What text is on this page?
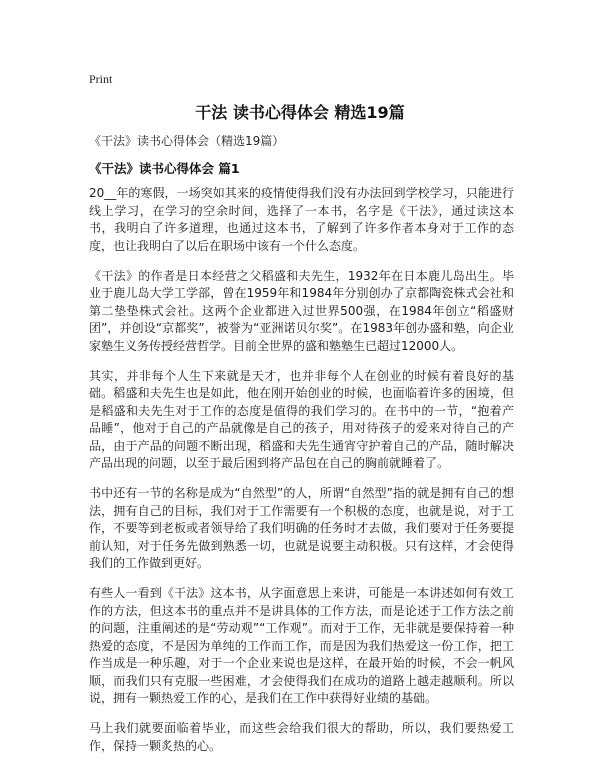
Print
干法 读书心得体会 精选19篇
《干法》读书心得体会（精选19篇）
《干法》读书心得体会 篇1

20__年的寒假，一场突如其来的疫情使得我们没有办法回到学校学习，只能进行线上学习，在学习的空余时间，选择了一本书，名字是《干法》，通过读这本书，我明白了许多道理，也通过这本书，了解到了许多作者本身对于工作的态度，也让我明白了以后在职场中该有一个什么态度。

《干法》的作者是日本经营之父稻盛和夫先生，1932年在日本鹿儿岛出生。毕业于鹿儿岛大学工学部，曾在1959年和1984年分别创办了京都陶瓷株式会社和第二垫垫株式会社。这两个企业都进入过世界500强，在1984年创立“稻盛财团”，并创设“京都奖”，被誉为“亚洲诺贝尔奖”。在1983年创办盛和塾，向企业家塾生义务传授经营哲学。目前全世界的盛和塾塾生已超过12000人。

其实，并非每个人生下来就是天才，也并非每个人在创业的时候有着良好的基础。稻盛和夫先生也是如此，他在刚开始创业的时候，也面临着许多的困境，但是稻盛和夫先生对于工作的态度是值得的我们学习的。在书中的一节，“抱着产品睡”，他对于自己的产品就像是自己的孩子，用对待孩子的爱来对待自己的产品，由于产品的问题不断出现，稻盛和夫先生通宵守护着自己的产品，随时解决产品出现的问题，以至于最后困到将产品包在自己的胸前就睡着了。

书中还有一节的名称是成为“自然型”的人，所谓“自然型”指的就是拥有自己的想法，拥有自己的目标，我们对于工作需要有一个积极的态度，也就是说，对于工作，不要等到老板或者领导给了我们明确的任务时才去做，我们要对于任务要提前认知，对于任务先做到熟悉一切，也就是说要主动积极。只有这样，才会使得我们的工作做到更好。

有些人一看到《干法》这本书，从字面意思上来讲，可能是一本讲述如何有效工作的方法，但这本书的重点并不是讲具体的工作方法，而是论述于工作方法之前的问题，注重阐述的是“劳动观”“工作观”。而对于工作，无非就是要保持着一种热爱的态度，不是因为单纯的工作而工作，而是因为我们热爱这一份工作，把工作当成是一种乐趣，对于一个企业来说也是这样，在最开始的时候，不会一帆风顺，而我们只有克服一些困难，才会使得我们在成功的道路上越走越顺利。所以说，拥有一颗热爱工作的心，是我们在工作中获得好业绩的基础。

马上我们就要面临着毕业，而这些会给我们很大的帮助，所以，我们要热爱工作，保持一颗炙热的心。
